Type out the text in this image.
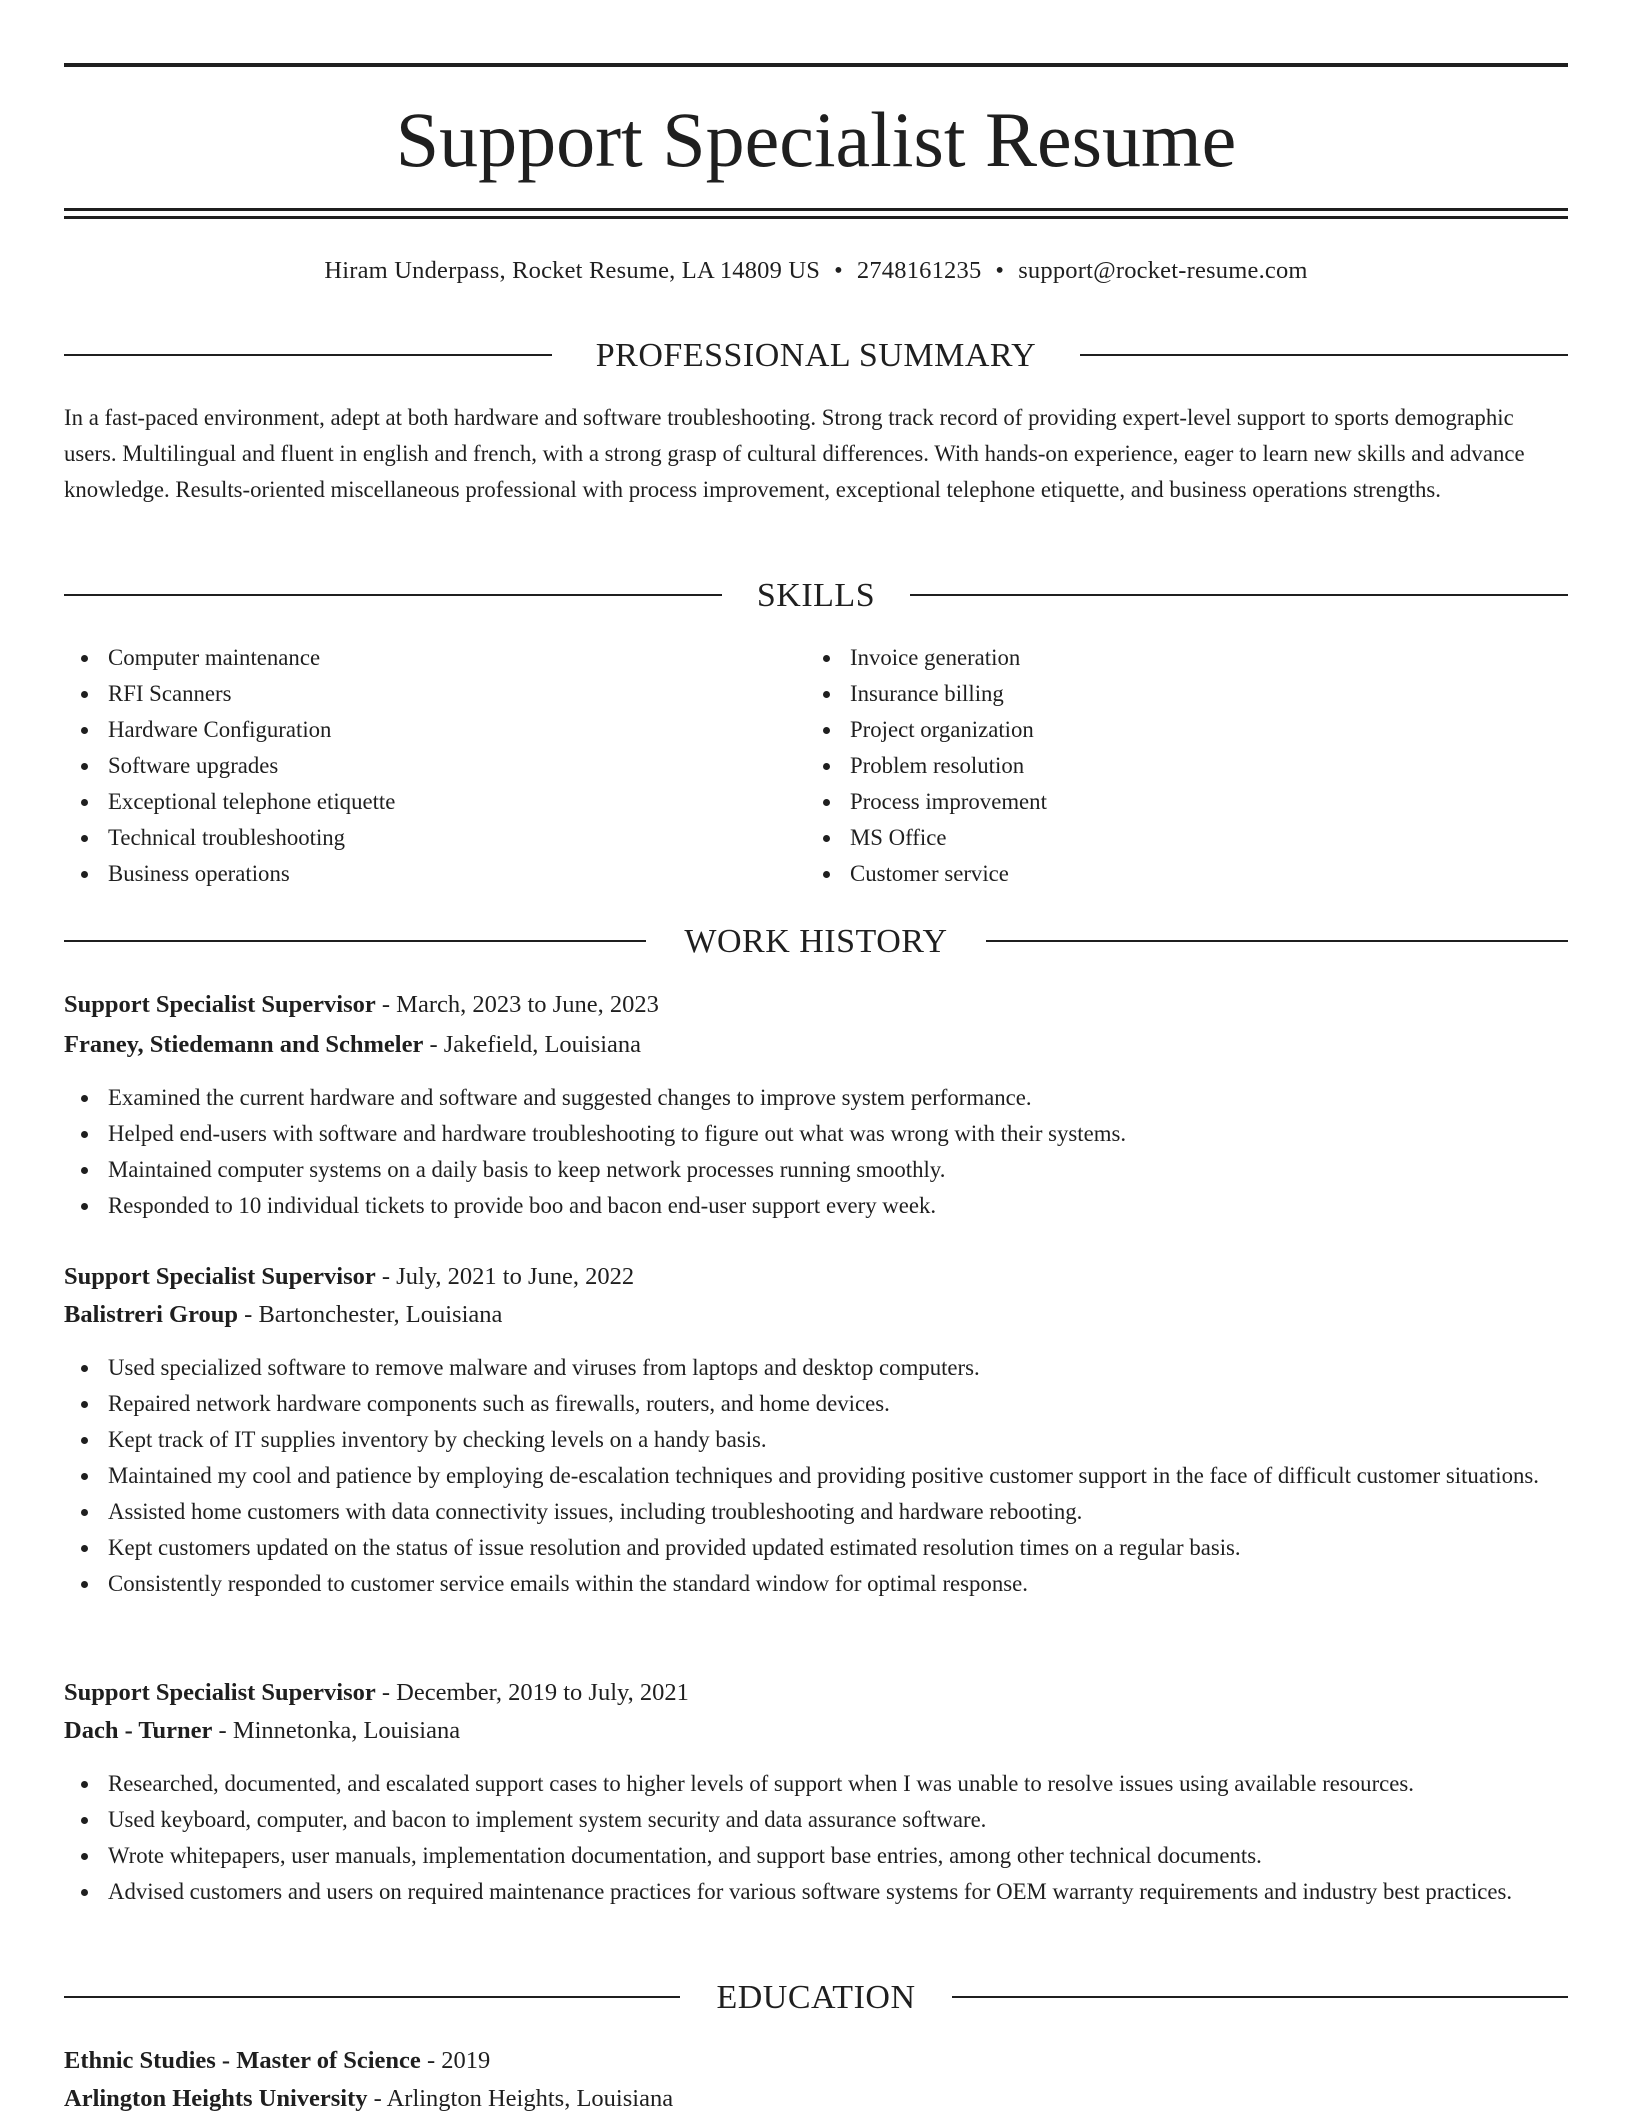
Support Specialist Resume
Hiram Underpass, Rocket Resume, LA 14809 US • 2748161235 • support@rocket-resume.com
PROFESSIONAL SUMMARY

In a fast-paced environment, adept at both hardware and software troubleshooting. Strong track record of providing expert-level support to sports demographic users. Multilingual and fluent in english and french, with a strong grasp of cultural differences. With hands-on experience, eager to learn new skills and advance knowledge. Results-oriented miscellaneous professional with process improvement, exceptional telephone etiquette, and business operations strengths.

SKILLS
Computer maintenance
RFI Scanners
Hardware Configuration
Software upgrades
Exceptional telephone etiquette
Technical troubleshooting
Business operations
Invoice generation
Insurance billing
Project organization
Problem resolution
Process improvement
MS Office
Customer service
WORK HISTORY
Support Specialist Supervisor - March, 2023 to June, 2023
Franey, Stiedemann and Schmeler - Jakefield, Louisiana
Examined the current hardware and software and suggested changes to improve system performance.
Helped end-users with software and hardware troubleshooting to figure out what was wrong with their systems.
Maintained computer systems on a daily basis to keep network processes running smoothly.
Responded to 10 individual tickets to provide boo and bacon end-user support every week.
Support Specialist Supervisor - July, 2021 to June, 2022
Balistreri Group - Bartonchester, Louisiana
Used specialized software to remove malware and viruses from laptops and desktop computers.
Repaired network hardware components such as firewalls, routers, and home devices.
Kept track of IT supplies inventory by checking levels on a handy basis.
Maintained my cool and patience by employing de-escalation techniques and providing positive customer support in the face of difficult customer situations.
Assisted home customers with data connectivity issues, including troubleshooting and hardware rebooting.
Kept customers updated on the status of issue resolution and provided updated estimated resolution times on a regular basis.
Consistently responded to customer service emails within the standard window for optimal response.
Support Specialist Supervisor - December, 2019 to July, 2021
Dach - Turner - Minnetonka, Louisiana
Researched, documented, and escalated support cases to higher levels of support when I was unable to resolve issues using available resources.
Used keyboard, computer, and bacon to implement system security and data assurance software.
Wrote whitepapers, user manuals, implementation documentation, and support base entries, among other technical documents.
Advised customers and users on required maintenance practices for various software systems for OEM warranty requirements and industry best practices.
EDUCATION
Ethnic Studies - Master of Science - 2019
Arlington Heights University - Arlington Heights, Louisiana
